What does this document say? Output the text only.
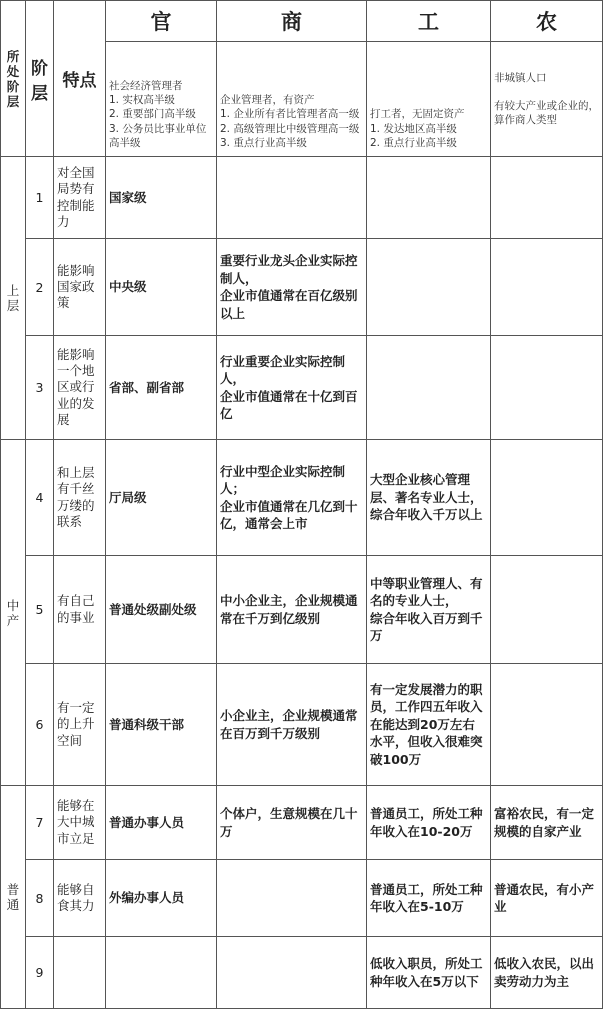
所处阶层	阶层	特点	官	商	工	农
			社会经济管理者
1. 实权高半级
2. 重要部门高半级
3. 公务员比事业单位高半级	企业管理者，有资产
1. 企业所有者比管理者高一级
2. 高级管理比中级管理高一级
3. 重点行业高半级	打工者，无固定资产
1. 发达地区高半级
2. 重点行业高半级	非城镇人口

有较大产业或企业的，算作商人类型
上层	1	对全国局势有控制能力	国家级			
	2	能影响国家政策	中央级	重要行业龙头企业实际控制人，
企业市值通常在百亿级别以上		
	3	能影响一个地区或行业的发展	省部、副省部	行业重要企业实际控制人，
企业市值通常在十亿到百亿		
中产	4	和上层有千丝万缕的联系	厅局级	行业中型企业实际控制人；
企业市值通常在几亿到十亿，通常会上市	大型企业核心管理层、著名专业人士，
综合年收入千万以上	
	5	有自己的事业	普通处级副处级	中小企业主，企业规模通常在千万到亿级别	中等职业管理人、有名的专业人士，
综合年收入百万到千万	
	6	有一定的上升空间	普通科级干部	小企业主，企业规模通常在百万到千万级别	有一定发展潜力的职员，工作四五年收入在能达到20万左右水平，但收入很难突破100万	
普通	7	能够在大中城市立足	普通办事人员	个体户，生意规模在几十万	普通员工，所处工种年收入在10-20万	富裕农民，有一定规模的自家产业
	8	能够自食其力	外编办事人员		普通员工，所处工种年收入在5-10万	普通农民，有小产业
	9				低收入职员，所处工种年收入在5万以下	低收入农民，以出卖劳动力为主
